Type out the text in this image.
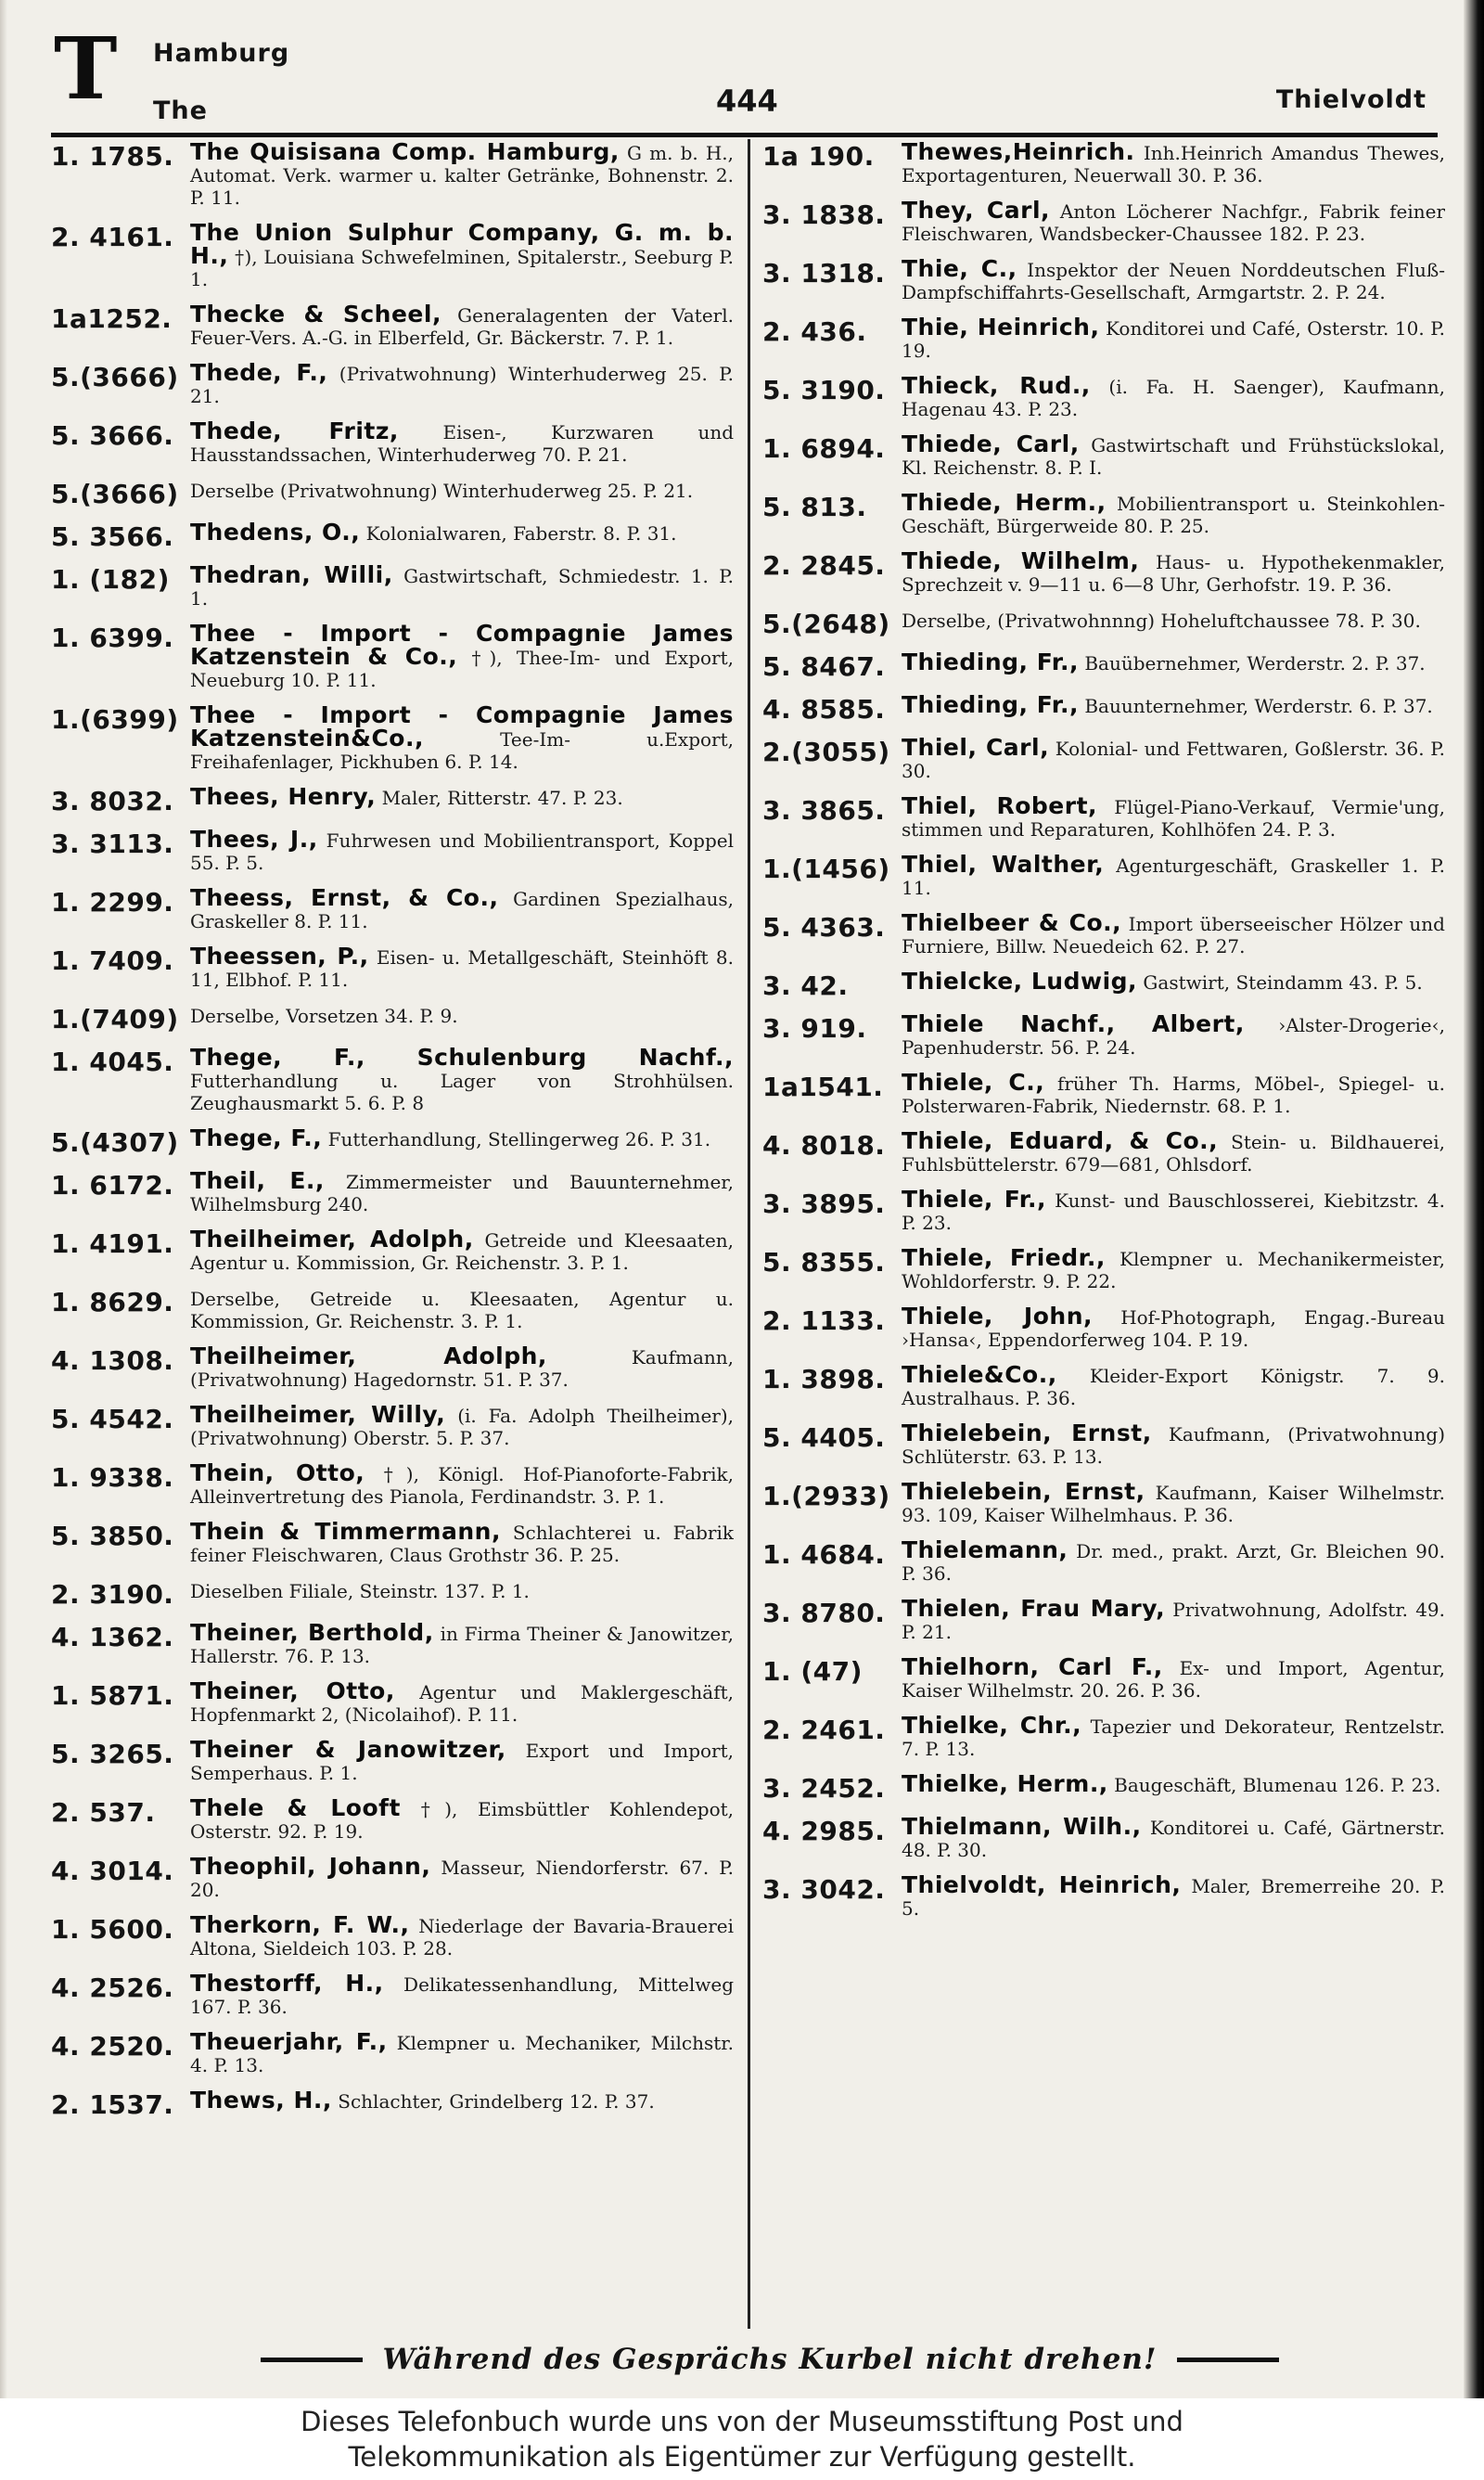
T Hamburg
The	444	Thielvoldt
1. 1785. The Quisisana Comp. Hamburg, G m. b. H., Automat. Verk. warmer u. kalter Getränke, Bohnenstr. 2. P. 11.
2. 4161. The Union Sulphur Company, G. m. b. H., †), Louisiana Schwefelminen, Spitalerstr., Seeburg P. 1.
1a1252. Thecke & Scheel, Generalagenten der Vaterl. Feuer-Vers. A.-G. in Elberfeld, Gr. Bäckerstr. 7. P. 1.
5.(3666) Thede, F., (Privatwohnung) Winterhuderweg 25. P. 21.
5. 3666. Thede, Fritz, Eisen-, Kurzwaren und Hausstandssachen, Winterhuderweg 70. P. 21.
5.(3666) Derselbe (Privatwohnung) Winterhuderweg 25. P. 21.
5. 3566. Thedens, O., Kolonialwaren, Faberstr. 8. P. 31.
1. (182) Thedran, Willi, Gastwirtschaft, Schmiedestr. 1. P. 1.
1. 6399. Thee - Import - Compagnie James Katzenstein & Co., †), Thee-Im- und Export, Neueburg 10. P. 11.
1.(6399) Thee - Import - Compagnie James Katzenstein&Co.,	Tee-Im- u.Export, Freihafenlager, Pickhuben 6. P. 14.
3. 8032. Thees, Henry, Maler, Ritterstr. 47. P. 23.
3. 3113. Thees, J., Fuhrwesen und Mobilientransport, Koppel 55. P. 5.
1. 2299. Theess, Ernst, & Co., Gardinen Spezialhaus, Graskeller 8. P. 11.
1. 7409. Theessen, P., Eisen- u. Metallgeschäft, Steinhöft 8. 11, Elbhof. P. 11.
1.(7409) Derselbe, Vorsetzen 34. P. 9.
1. 4045. Thege, F., Schulenburg Nachf., Futterhandlung u. Lager von Strohhülsen. Zeughausmarkt 5. 6. P. 8
5.(4307) Thege, F., Futterhandlung, Stellingerweg 26. P. 31.
1. 6172. Theil, E., Zimmermeister und Bauunternehmer, Wilhelmsburg 240.
1. 4191. Theilheimer, Adolph, Getreide und Kleesaaten, Agentur u. Kommission, Gr. Reichenstr. 3. P. 1.
1. 8629. Derselbe, Getreide u. Kleesaaten, Agentur u. Kommission, Gr. Reichenstr. 3. P. 1.
4. 1308. Theilheimer, Adolph,	Kaufmann, (Privatwohnung) Hagedornstr. 51. P. 37.
5. 4542. Theilheimer, Willy, (i. Fa. Adolph Theilheimer), (Privatwohnung) Oberstr. 5. P. 37.
1. 9338. Thein, Otto, †), Königl. Hof-Pianoforte-Fabrik, Alleinvertretung des Pianola, Ferdinandstr. 3. P. 1.
5. 3850. Thein & Timmermann, Schlachterei u. Fabrik feiner Fleischwaren, Claus Grothstr 36. P. 25.
2. 3190. Dieselben Filiale, Steinstr. 137. P. 1.
4. 1362. Theiner, Berthold, in Firma Theiner & Janowitzer, Hallerstr. 76. P. 13.
1. 5871. Theiner, Otto, Agentur und Maklergeschäft, Hopfenmarkt 2, (Nicolaihof). P. 11.
5. 3265. Theiner & Janowitzer, Export und Import, Semperhaus. P. 1.
2. 537.	Thele & Looft †), Eimsbüttler Kohlendepot, Osterstr. 92. P. 19.
4. 3014. Theophil, Johann, Masseur, Niendorferstr. 67. P. 20.
1. 5600. Therkorn, F. W., Niederlage der Bavaria-Brauerei Altona, Sieldeich 103. P. 28.
4. 2526. Thestorff, H., Delikatessenhandlung, Mittelweg 167. P. 36.
4. 2520. Theuerjahr, F., Klempner u. Mechaniker, Milchstr. 4. P. 13.
2. 1537. Thews, H., Schlachter, Grindelberg 12. P. 37.
1a 190.	Thewes,Heinrich. Inh.Heinrich Amandus Thewes, Exportagenturen, Neuerwall 30. P. 36.
3. 1838. They, Carl, Anton Löcherer Nachfgr., Fabrik feiner Fleischwaren, Wandsbecker-Chaussee 182. P. 23.
3. 1318. Thie, C., Inspektor der Neuen Norddeutschen Fluß-Dampfschiffahrts-Gesellschaft, Armgartstr. 2. P. 24.
2. 436.	Thie, Heinrich, Konditorei und Café, Osterstr. 10. P. 19.
5. 3190. Thieck, Rud., (i. Fa. H. Saenger), Kaufmann, Hagenau 43. P. 23.
1. 6894. Thiede, Carl, Gastwirtschaft und Frühstückslokal, Kl. Reichenstr. 8. P. I.
5. 813.	Thiede, Herm., Mobilientransport u. Steinkohlen-Geschäft, Bürgerweide 80. P. 25.
2. 2845. Thiede, Wilhelm, Haus- u. Hypothekenmakler, Sprechzeit v. 9—11 u. 6—8 Uhr, Gerhofstr. 19. P. 36.
5.(2648) Derselbe, (Privatwohnnng) Hoheluftchaussee 78. P. 30.
5. 8467. Thieding, Fr., Bauübernehmer, Werderstr. 2. P. 37.
4. 8585. Thieding, Fr., Bauunternehmer, Werderstr. 6. P. 37.
2.(3055) Thiel, Carl, Kolonial- und Fettwaren, Goßlerstr. 36. P. 30.
3. 3865. Thiel, Robert, Flügel-Piano-Verkauf, Vermie'ung, stimmen und Reparaturen, Kohlhöfen 24. P. 3.
1.(1456) Thiel, Walther, Agenturgeschäft, Graskeller 1. P. 11.
5. 4363. Thielbeer & Co., Import überseeischer Hölzer und Furniere, Billw. Neuedeich 62. P. 27.
3. 42.	Thielcke, Ludwig, Gastwirt, Steindamm 43. P. 5.
3. 919.	Thiele Nachf., Albert, ›Alster-Drogerie‹, Papenhuderstr. 56. P. 24.
1a1541. Thiele, C., früher Th. Harms, Möbel-, Spiegel- u. Polsterwaren-Fabrik, Niedernstr. 68. P. 1.
4. 8018. Thiele, Eduard, & Co., Stein- u. Bildhauerei, Fuhlsbüttelerstr. 679—681, Ohlsdorf.
3. 3895. Thiele, Fr., Kunst- und Bauschlosserei, Kiebitzstr. 4. P. 23.
5. 8355. Thiele, Friedr., Klempner u. Mechanikermeister, Wohldorferstr. 9. P. 22.
2. 1133. Thiele, John, Hof-Photograph, Engag.-Bureau ›Hansa‹, Eppendorferweg 104. P. 19.
1. 3898. Thiele&Co., Kleider-Export Königstr. 7. 9. Australhaus. P. 36.
5. 4405. Thielebein, Ernst, Kaufmann, (Privatwohnung) Schlüterstr. 63. P. 13.
1.(2933) Thielebein, Ernst, Kaufmann, Kaiser Wilhelmstr. 93. 109, Kaiser Wilhelmhaus. P. 36.
1. 4684. Thielemann, Dr. med., prakt. Arzt, Gr. Bleichen 90. P. 36.
3. 8780. Thielen, Frau Mary, Privatwohnung, Adolfstr. 49. P. 21.
1. (47)	Thielhorn, Carl F., Ex- und Import, Agentur, Kaiser Wilhelmstr. 20. 26. P. 36.
2. 2461. Thielke, Chr., Tapezier und Dekorateur, Rentzelstr. 7. P. 13.
3. 2452. Thielke, Herm., Baugeschäft, Blumenau 126. P. 23.
4. 2985. Thielmann, Wilh., Konditorei u. Café, Gärtnerstr. 48. P. 30.
3. 3042. Thielvoldt, Heinrich, Maler, Bremerreihe 20. P. 5.
Während des Gesprächs Kurbel nicht drehen!
Dieses Telefonbuch wurde uns von der Museumsstiftung Post und
Telekommunikation als Eigentümer zur Verfügung gestellt.
